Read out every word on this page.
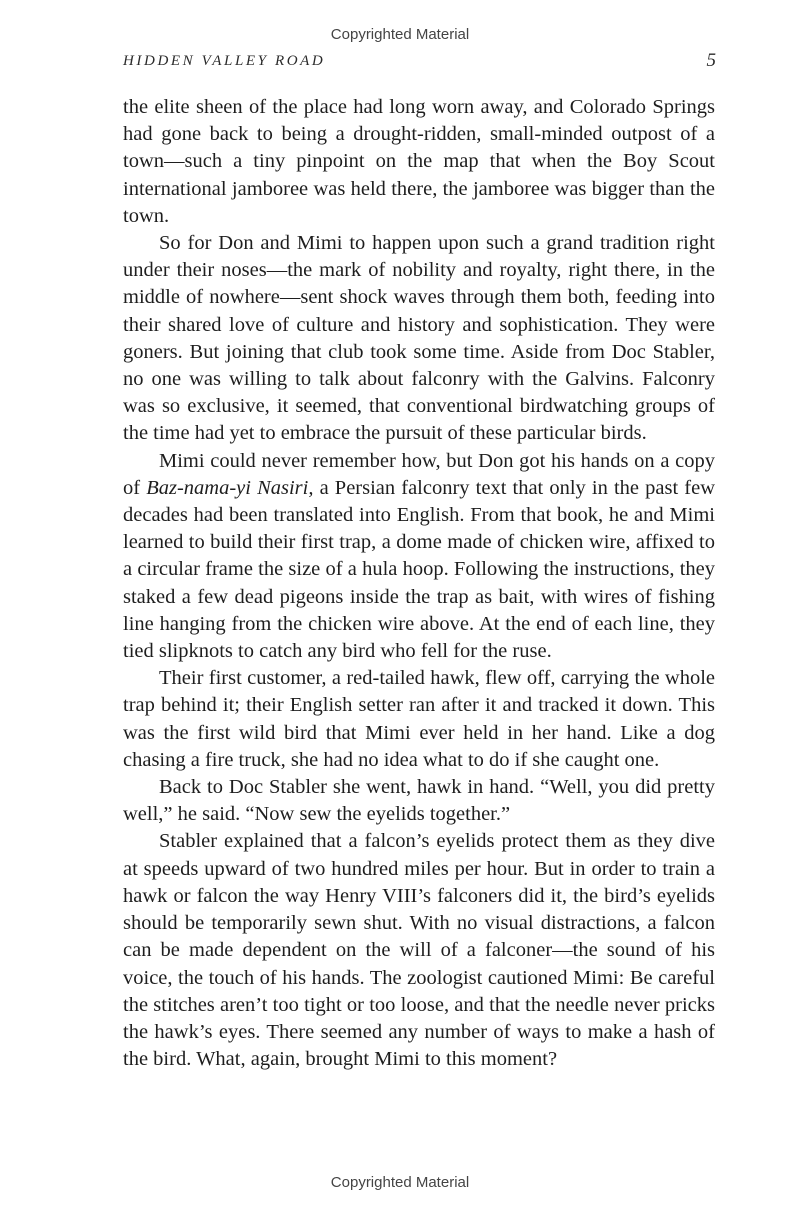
Copyrighted Material
HIDDEN VALLEY ROAD	5

the elite sheen of the place had long worn away, and Colorado Springs had gone back to being a drought-ridden, small-minded outpost of a town—such a tiny pinpoint on the map that when the Boy Scout international jamboree was held there, the jamboree was bigger than the town.

So for Don and Mimi to happen upon such a grand tradition right under their noses—the mark of nobility and royalty, right there, in the middle of nowhere—sent shock waves through them both, feeding into their shared love of culture and history and sophistication. They were goners. But joining that club took some time. Aside from Doc Stabler, no one was willing to talk about falconry with the Galvins. Falconry was so exclusive, it seemed, that conventional birdwatching groups of the time had yet to embrace the pursuit of these particular birds.

Mimi could never remember how, but Don got his hands on a copy of Baz-nama-yi Nasiri, a Persian falconry text that only in the past few decades had been translated into English. From that book, he and Mimi learned to build their first trap, a dome made of chicken wire, affixed to a circular frame the size of a hula hoop. Following the instructions, they staked a few dead pigeons inside the trap as bait, with wires of fishing line hanging from the chicken wire above. At the end of each line, they tied slipknots to catch any bird who fell for the ruse.

Their first customer, a red-tailed hawk, flew off, carrying the whole trap behind it; their English setter ran after it and tracked it down. This was the first wild bird that Mimi ever held in her hand. Like a dog chasing a fire truck, she had no idea what to do if she caught one.

Back to Doc Stabler she went, hawk in hand. “Well, you did pretty well,” he said. “Now sew the eyelids together.”

Stabler explained that a falcon’s eyelids protect them as they dive at speeds upward of two hundred miles per hour. But in order to train a hawk or falcon the way Henry VIII’s falconers did it, the bird’s eyelids should be temporarily sewn shut. With no visual distractions, a falcon can be made dependent on the will of a falconer—the sound of his voice, the touch of his hands. The zoologist cautioned Mimi: Be careful the stitches aren’t too tight or too loose, and that the needle never pricks the hawk’s eyes. There seemed any number of ways to make a hash of the bird. What, again, brought Mimi to this moment?

Copyrighted Material
